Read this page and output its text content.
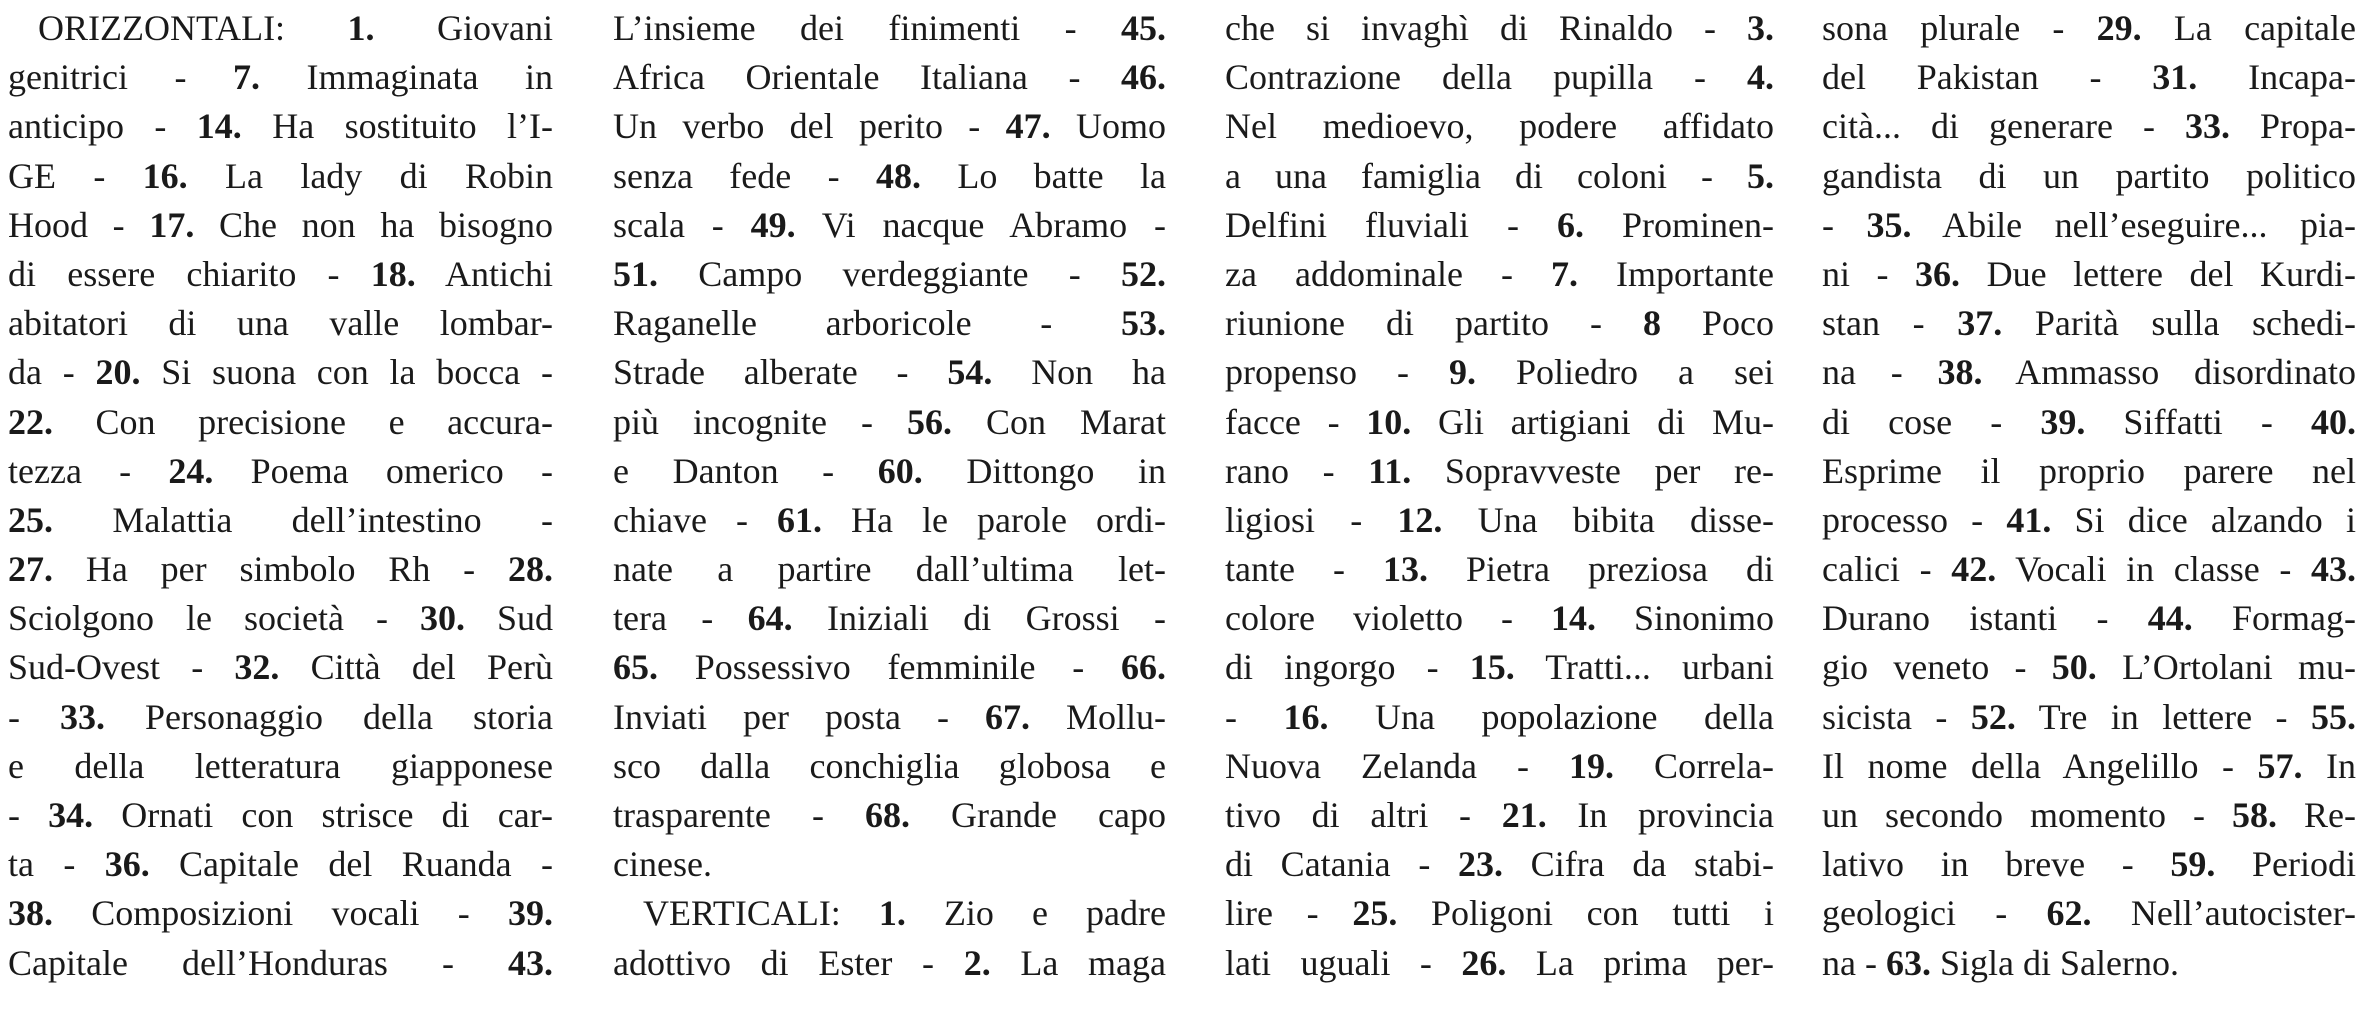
ORIZZONTALI: 1. Giovani
genitrici - 7. Immaginata in
anticipo - 14. Ha sostituito l’I-
GE - 16. La lady di Robin
Hood - 17. Che non ha bisogno
di essere chiarito - 18. Antichi
abitatori di una valle lombar-
da - 20. Si suona con la bocca -
22. Con precisione e accura-
tezza - 24. Poema omerico -
25. Malattia dell’intestino -
27. Ha per simbolo Rh - 28.
Sciolgono le società - 30. Sud
Sud-Ovest - 32. Città del Perù
- 33. Personaggio della storia
e della letteratura giapponese
- 34. Ornati con strisce di car-
ta - 36. Capitale del Ruanda -
38. Composizioni vocali - 39.
Capitale dell’Honduras - 43.
L’insieme dei finimenti - 45.
Africa Orientale Italiana - 46.
Un verbo del perito - 47. Uomo
senza fede - 48. Lo batte la
scala - 49. Vi nacque Abramo -
51. Campo verdeggiante - 52.
Raganelle arboricole - 53.
Strade alberate - 54. Non ha
più incognite - 56. Con Marat
e Danton - 60. Dittongo in
chiave - 61. Ha le parole ordi-
nate a partire dall’ultima let-
tera - 64. Iniziali di Grossi -
65. Possessivo femminile - 66.
Inviati per posta - 67. Mollu-
sco dalla conchiglia globosa e
trasparente - 68. Grande capo
cinese.
VERTICALI: 1. Zio e padre
adottivo di Ester - 2. La maga
che si invaghì di Rinaldo - 3.
Contrazione della pupilla - 4.
Nel medioevo, podere affidato
a una famiglia di coloni - 5.
Delfini fluviali - 6. Prominen-
za addominale - 7. Importante
riunione di partito - 8 Poco
propenso - 9. Poliedro a sei
facce - 10. Gli artigiani di Mu-
rano - 11. Sopravveste per re-
ligiosi - 12. Una bibita disse-
tante - 13. Pietra preziosa di
colore violetto - 14. Sinonimo
di ingorgo - 15. Tratti... urbani
- 16. Una popolazione della
Nuova Zelanda - 19. Correla-
tivo di altri - 21. In provincia
di Catania - 23. Cifra da stabi-
lire - 25. Poligoni con tutti i
lati uguali - 26. La prima per-
sona plurale - 29. La capitale
del Pakistan - 31. Incapa-
cità... di generare - 33. Propa-
gandista di un partito politico
- 35. Abile nell’eseguire... pia-
ni - 36. Due lettere del Kurdi-
stan - 37. Parità sulla schedi-
na - 38. Ammasso disordinato
di cose - 39. Siffatti - 40.
Esprime il proprio parere nel
processo - 41. Si dice alzando i
calici - 42. Vocali in classe - 43.
Durano istanti - 44. Formag-
gio veneto - 50. L’Ortolani mu-
sicista - 52. Tre in lettere - 55.
Il nome della Angelillo - 57. In
un secondo momento - 58. Re-
lativo in breve - 59. Periodi
geologici - 62. Nell’autocister-
na - 63. Sigla di Salerno.
